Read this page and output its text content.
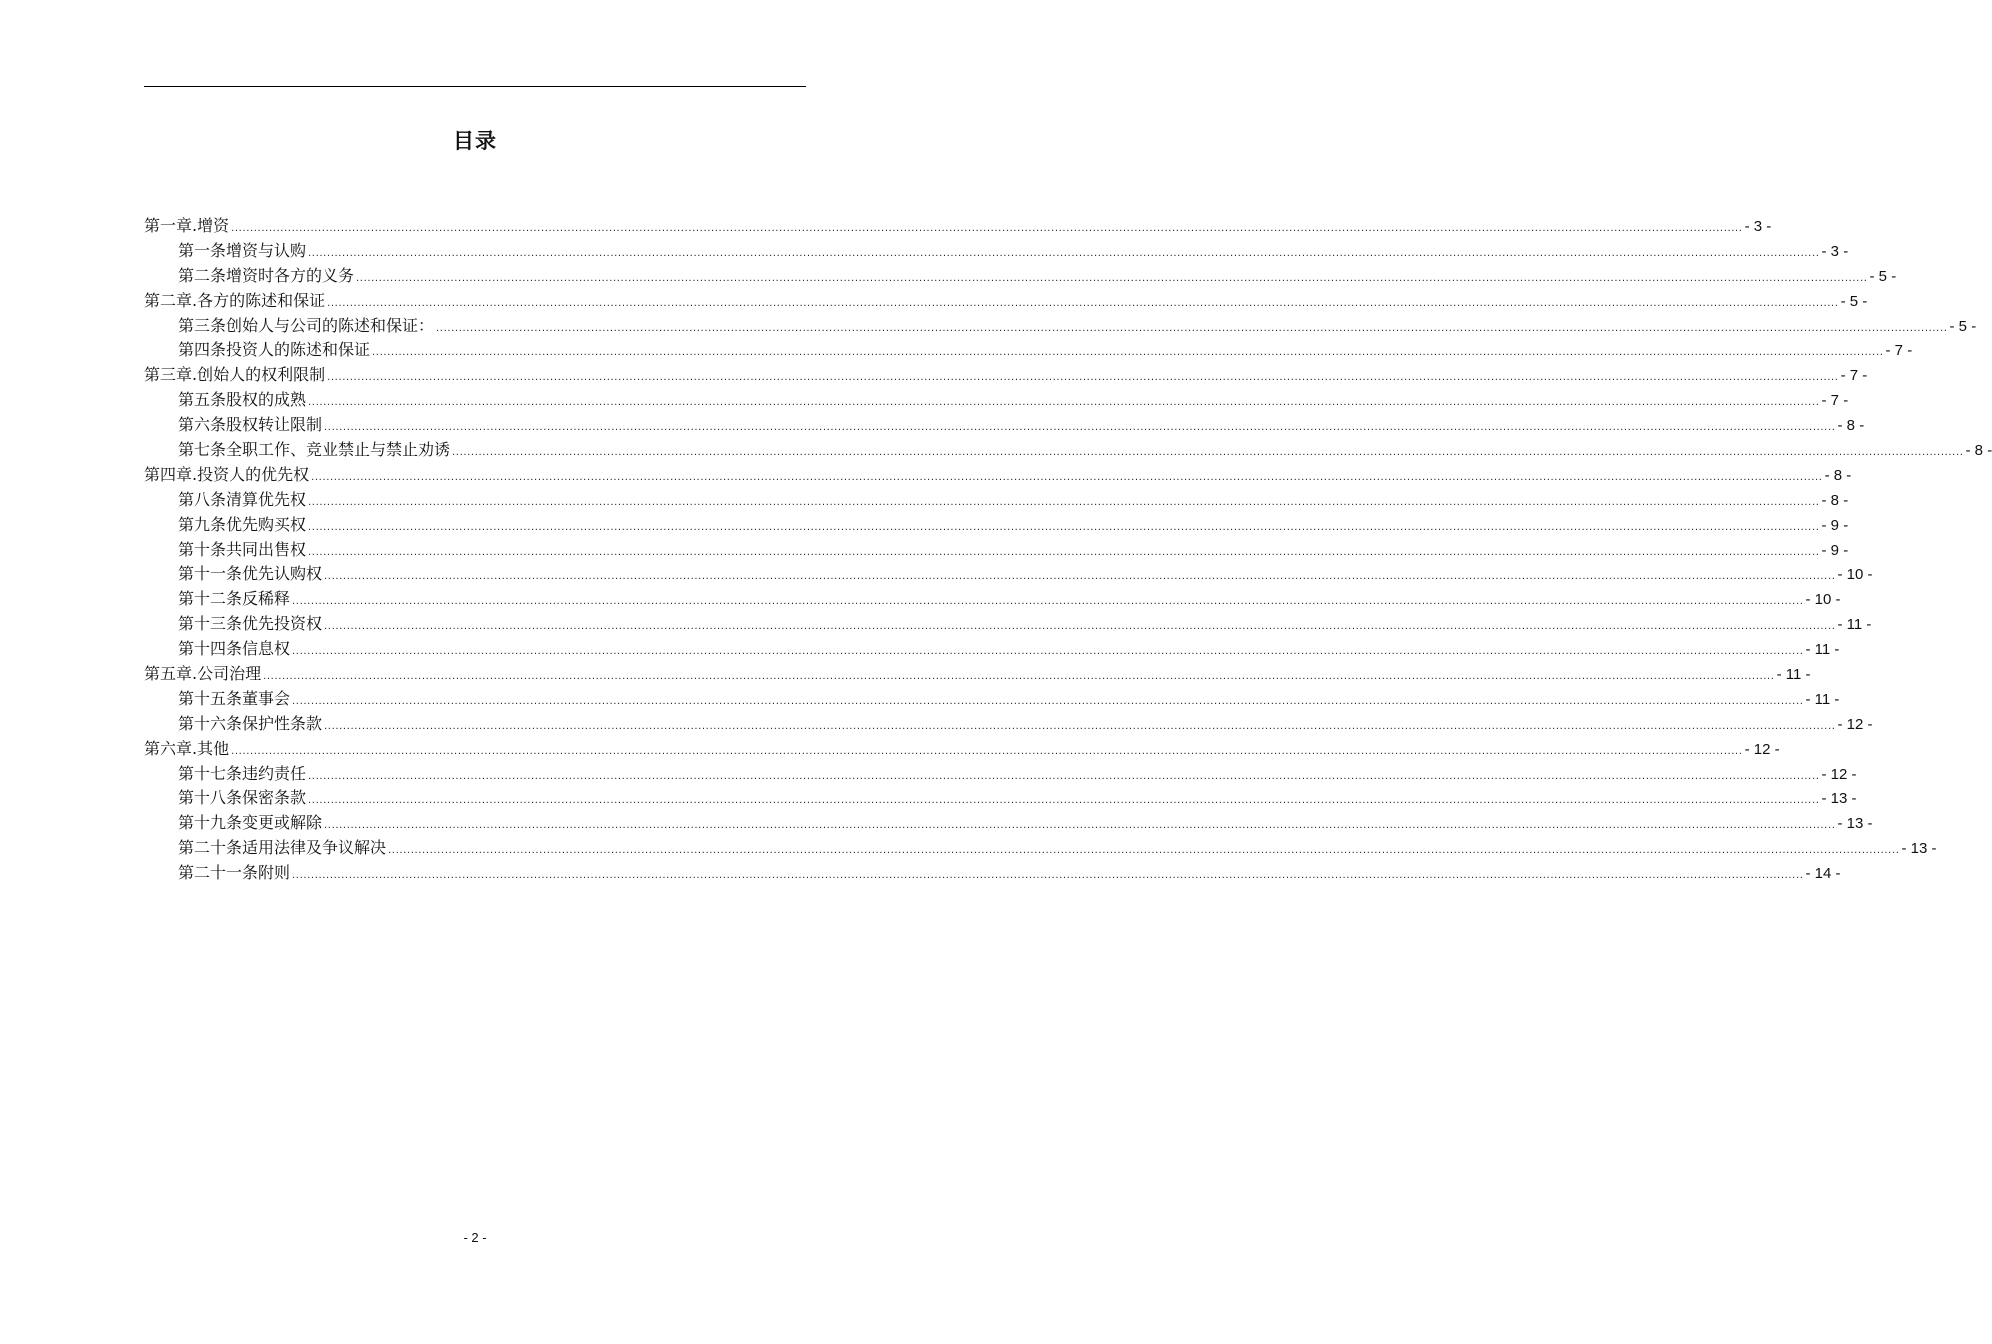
目录
第一章. 增资 ................................................................................................................................................................................................................................................................................................................................................................................................................ - 3 -
第一条 增资与认购 ................................................................................................................................................................................................................................................................................................................................................................................................................ - 3 -
第二条 增资时各方的义务 ................................................................................................................................................................................................................................................................................................................................................................................................................ - 5 -
第二章. 各方的陈述和保证 ................................................................................................................................................................................................................................................................................................................................................................................................................ - 5 -
第三条 创始人与公司的陈述和保证： ................................................................................................................................................................................................................................................................................................................................................................................................................ - 5 -
第四条 投资人的陈述和保证 ................................................................................................................................................................................................................................................................................................................................................................................................................ - 7 -
第三章. 创始人的权利限制 ................................................................................................................................................................................................................................................................................................................................................................................................................ - 7 -
第五条 股权的成熟 ................................................................................................................................................................................................................................................................................................................................................................................................................ - 7 -
第六条 股权转让限制 ................................................................................................................................................................................................................................................................................................................................................................................................................ - 8 -
第七条 全职工作、竞业禁止与禁止劝诱 ................................................................................................................................................................................................................................................................................................................................................................................................................ - 8 -
第四章. 投资人的优先权 ................................................................................................................................................................................................................................................................................................................................................................................................................ - 8 -
第八条 清算优先权 ................................................................................................................................................................................................................................................................................................................................................................................................................ - 8 -
第九条 优先购买权 ................................................................................................................................................................................................................................................................................................................................................................................................................ - 9 -
第十条 共同出售权 ................................................................................................................................................................................................................................................................................................................................................................................................................ - 9 -
第十一条 优先认购权 ................................................................................................................................................................................................................................................................................................................................................................................................................ - 10 -
第十二条 反稀释 ................................................................................................................................................................................................................................................................................................................................................................................................................ - 10 -
第十三条 优先投资权 ................................................................................................................................................................................................................................................................................................................................................................................................................ - 11 -
第十四条 信息权 ................................................................................................................................................................................................................................................................................................................................................................................................................ - 11 -
第五章. 公司治理 ................................................................................................................................................................................................................................................................................................................................................................................................................ - 11 -
第十五条 董事会 ................................................................................................................................................................................................................................................................................................................................................................................................................ - 11 -
第十六条 保护性条款 ................................................................................................................................................................................................................................................................................................................................................................................................................ - 12 -
第六章. 其他 ................................................................................................................................................................................................................................................................................................................................................................................................................ - 12 -
第十七条 违约责任 ................................................................................................................................................................................................................................................................................................................................................................................................................ - 12 -
第十八条 保密条款 ................................................................................................................................................................................................................................................................................................................................................................................................................ - 13 -
第十九条 变更或解除 ................................................................................................................................................................................................................................................................................................................................................................................................................ - 13 -
第二十条 适用法律及争议解决 ................................................................................................................................................................................................................................................................................................................................................................................................................ - 13 -
第二十一条 附则 ................................................................................................................................................................................................................................................................................................................................................................................................................ - 14 -
- 2 -
